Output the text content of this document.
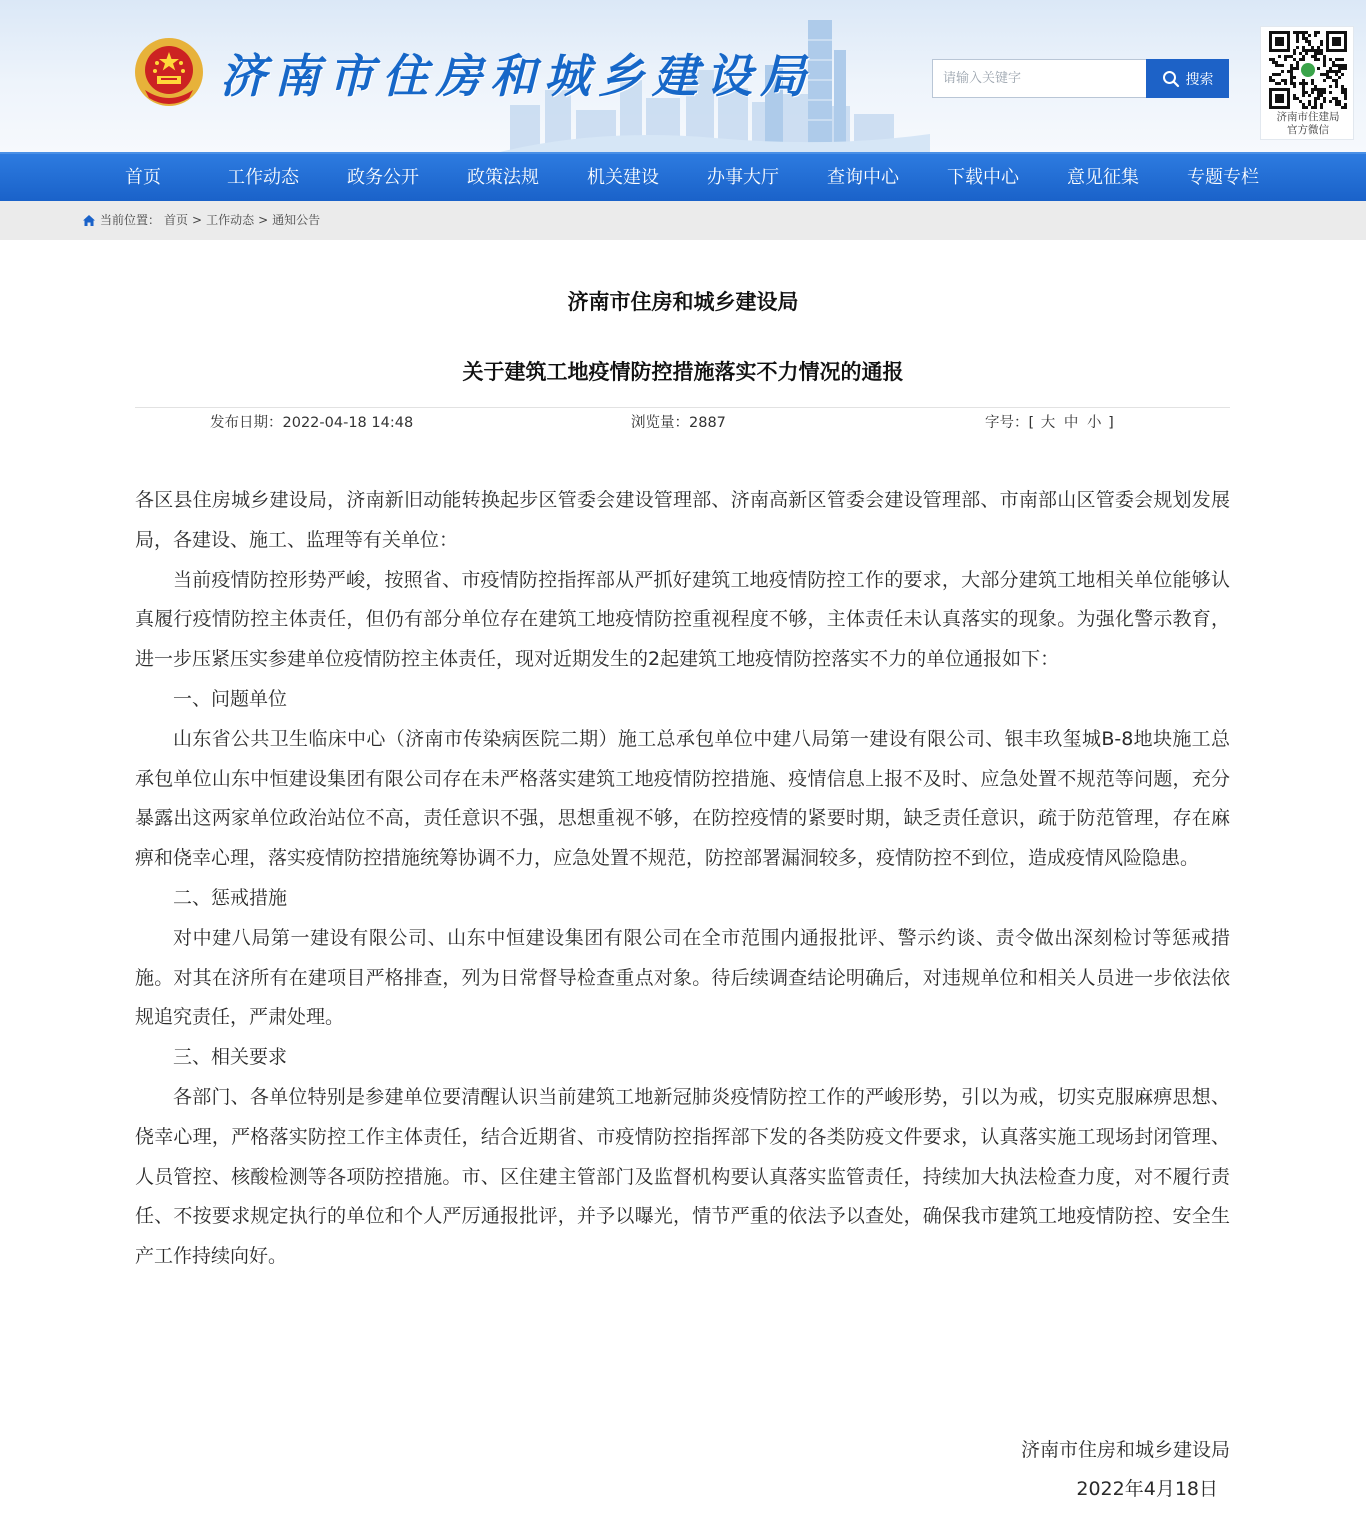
济南市住房和城乡建设局
请输入关键字	搜索
济南市住建局
官方微信
首页	工作动态	政务公开	政策法规	机关建设	办事大厅	查询中心	下载中心	意见征集	专题专栏
当前位置： 首页 > 工作动态 > 通知公告
济南市住房和城乡建设局
关于建筑工地疫情防控措施落实不力情况的通报
发布日期：2022-04-18 14:48	浏览量：2887	字号：[ 大 中 小 ]

各区县住房城乡建设局，济南新旧动能转换起步区管委会建设管理部、济南高新区管委会建设管理部、市南部山区管委会规划发展局，各建设、施工、监理等有关单位：

当前疫情防控形势严峻，按照省、市疫情防控指挥部从严抓好建筑工地疫情防控工作的要求，大部分建筑工地相关单位能够认真履行疫情防控主体责任，但仍有部分单位存在建筑工地疫情防控重视程度不够，主体责任未认真落实的现象。为强化警示教育，进一步压紧压实参建单位疫情防控主体责任，现对近期发生的2起建筑工地疫情防控落实不力的单位通报如下：

一、问题单位

山东省公共卫生临床中心（济南市传染病医院二期）施工总承包单位中建八局第一建设有限公司、银丰玖玺城B-8地块施工总承包单位山东中恒建设集团有限公司存在未严格落实建筑工地疫情防控措施、疫情信息上报不及时、应急处置不规范等问题，充分暴露出这两家单位政治站位不高，责任意识不强，思想重视不够，在防控疫情的紧要时期，缺乏责任意识，疏于防范管理，存在麻痹和侥幸心理，落实疫情防控措施统筹协调不力，应急处置不规范，防控部署漏洞较多，疫情防控不到位，造成疫情风险隐患。

二、惩戒措施

对中建八局第一建设有限公司、山东中恒建设集团有限公司在全市范围内通报批评、警示约谈、责令做出深刻检讨等惩戒措施。对其在济所有在建项目严格排查，列为日常督导检查重点对象。待后续调查结论明确后，对违规单位和相关人员进一步依法依规追究责任，严肃处理。

三、相关要求

各部门、各单位特别是参建单位要清醒认识当前建筑工地新冠肺炎疫情防控工作的严峻形势，引以为戒，切实克服麻痹思想、侥幸心理，严格落实防控工作主体责任，结合近期省、市疫情防控指挥部下发的各类防疫文件要求，认真落实施工现场封闭管理、人员管控、核酸检测等各项防控措施。市、区住建主管部门及监督机构要认真落实监管责任，持续加大执法检查力度，对不履行责任、不按要求规定执行的单位和个人严厉通报批评，并予以曝光，情节严重的依法予以查处，确保我市建筑工地疫情防控、安全生产工作持续向好。

济南市住房和城乡建设局
2022年4月18日
